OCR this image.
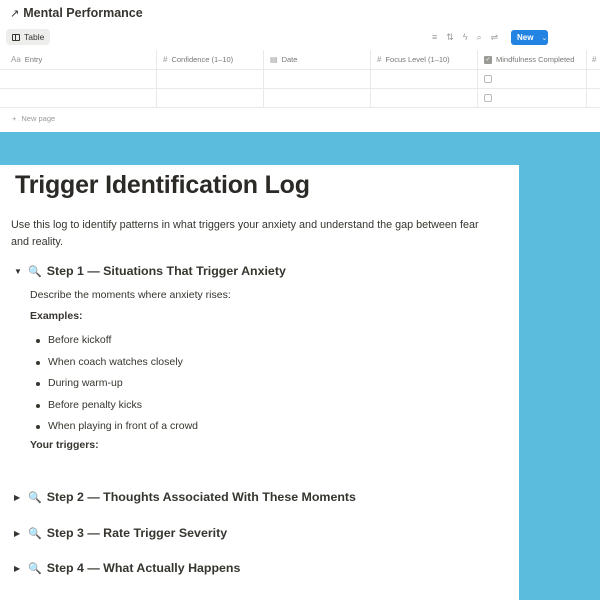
↗ Mental Performance
Table	≡ ⇅ ϟ ⌕ ⇌ New ⌄
Aa Entry	# Confidence (1–10)	▤ Date	# Focus Level (1–10)	✓ Mindfulness Completed #
+ New page
Trigger Identification Log
Use this log to identify patterns in what triggers your anxiety and understand the gap between fear and reality.
▼ 🔍 Step 1 — Situations That Trigger Anxiety
Describe the moments where anxiety rises:
Examples:
Before kickoff
When coach watches closely
During warm-up
Before penalty kicks
When playing in front of a crowd
Your triggers:
▶ 🔍 Step 2 — Thoughts Associated With These Moments
▶ 🔍 Step 3 — Rate Trigger Severity
▶ 🔍 Step 4 — What Actually Happens
